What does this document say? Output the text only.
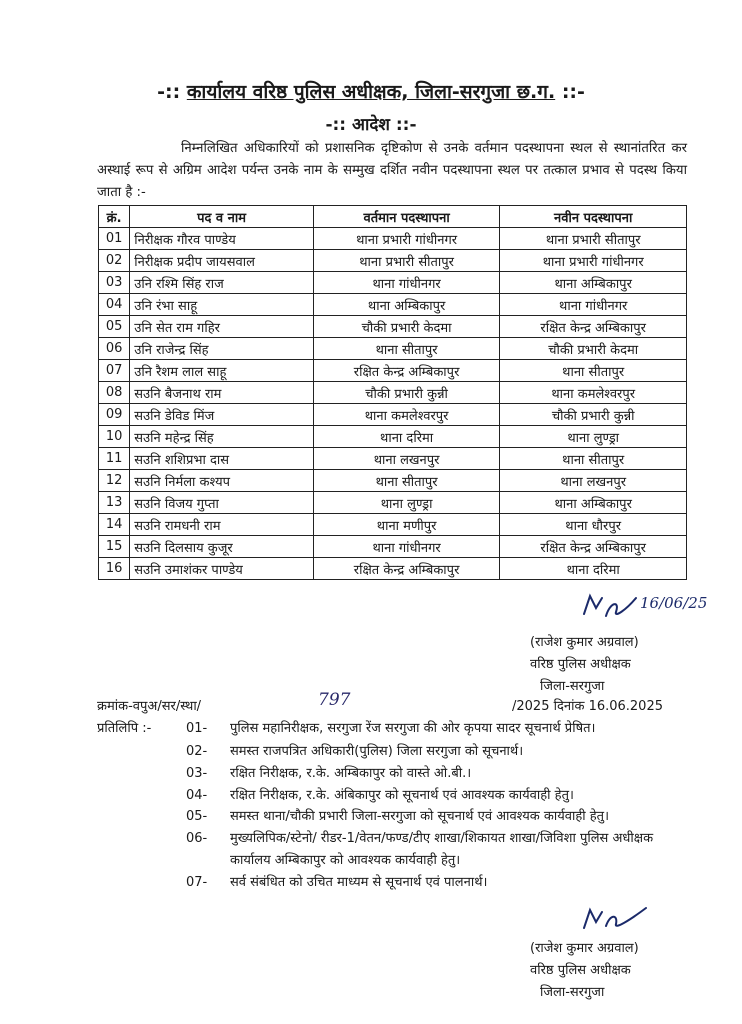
-:: कार्यालय वरिष्ठ पुलिस अधीक्षक, जिला-सरगुजा छ.ग. ::-
-:: आदेश ::-
निम्नलिखित अधिकारियों को प्रशासनिक दृष्टिकोण से उनके वर्तमान पदस्थापना स्थल से स्थानांतरित कर अस्थाई रूप से अग्रिम आदेश पर्यन्त उनके नाम के सम्मुख दर्शित नवीन पदस्थापना स्थल पर तत्काल प्रभाव से पदस्थ किया जाता है :-
क्रं.	पद व नाम	वर्तमान पदस्थापना	नवीन पदस्थापना
01	निरीक्षक गौरव पाण्डेय	थाना प्रभारी गांधीनगर	थाना प्रभारी सीतापुर
02	निरीक्षक प्रदीप जायसवाल	थाना प्रभारी सीतापुर	थाना प्रभारी गांधीनगर
03	उनि रश्मि सिंह राज	थाना गांधीनगर	थाना अम्बिकापुर
04	उनि रंभा साहू	थाना अम्बिकापुर	थाना गांधीनगर
05	उनि सेत राम गहिर	चौकी प्रभारी केदमा	रक्षित केन्द्र अम्बिकापुर
06	उनि राजेन्द्र सिंह	थाना सीतापुर	चौकी प्रभारी केदमा
07	उनि रैशम लाल साहू	रक्षित केन्द्र अम्बिकापुर	थाना सीतापुर
08	सउनि बैजनाथ राम	चौकी प्रभारी कुन्नी	थाना कमलेश्वरपुर
09	सउनि डेविड मिंज	थाना कमलेश्वरपुर	चौकी प्रभारी कुन्नी
10	सउनि महेन्द्र सिंह	थाना दरिमा	थाना लुण्ड्रा
11	सउनि शशिप्रभा दास	थाना लखनपुर	थाना सीतापुर
12	सउनि निर्मला कश्यप	थाना सीतापुर	थाना लखनपुर
13	सउनि विजय गुप्ता	थाना लुण्ड्रा	थाना अम्बिकापुर
14	सउनि रामधनी राम	थाना मणीपुर	थाना धौरपुर
15	सउनि दिलसाय कुजूर	थाना गांधीनगर	रक्षित केन्द्र अम्बिकापुर
16	सउनि उमाशंकर पाण्डेय	रक्षित केन्द्र अम्बिकापुर	थाना दरिमा
16/06/25
(राजेश कुमार अग्रवाल)
वरिष्ठ पुलिस अधीक्षक
जिला-सरगुजा
क्रमांक-वपुअ/सर/स्था/	797	/2025 दिनांक 16.06.2025
प्रतिलिपि :-	01- पुलिस महानिरीक्षक, सरगुजा रेंज सरगुजा की ओर कृपया सादर सूचनार्थ प्रेषित।
02- समस्त राजपत्रित अधिकारी(पुलिस) जिला सरगुजा को सूचनार्थ।
03- रक्षित निरीक्षक, र.के. अम्बिकापुर को वास्ते ओ.बी.।
04- रक्षित निरीक्षक, र.के. अंबिकापुर को सूचनार्थ एवं आवश्यक कार्यवाही हेतु।
05- समस्त थाना/चौकी प्रभारी जिला-सरगुजा को सूचनार्थ एवं आवश्यक कार्यवाही हेतु।
06- मुख्यलिपिक/स्टेनो/ रीडर-1/वेतन/फण्ड/टीए शाखा/शिकायत शाखा/जिविशा पुलिस अधीक्षक कार्यालय अम्बिकापुर को आवश्यक कार्यवाही हेतु।
07- सर्व संबंधित को उचित माध्यम से सूचनार्थ एवं पालनार्थ।
(राजेश कुमार अग्रवाल)
वरिष्ठ पुलिस अधीक्षक
जिला-सरगुजा
